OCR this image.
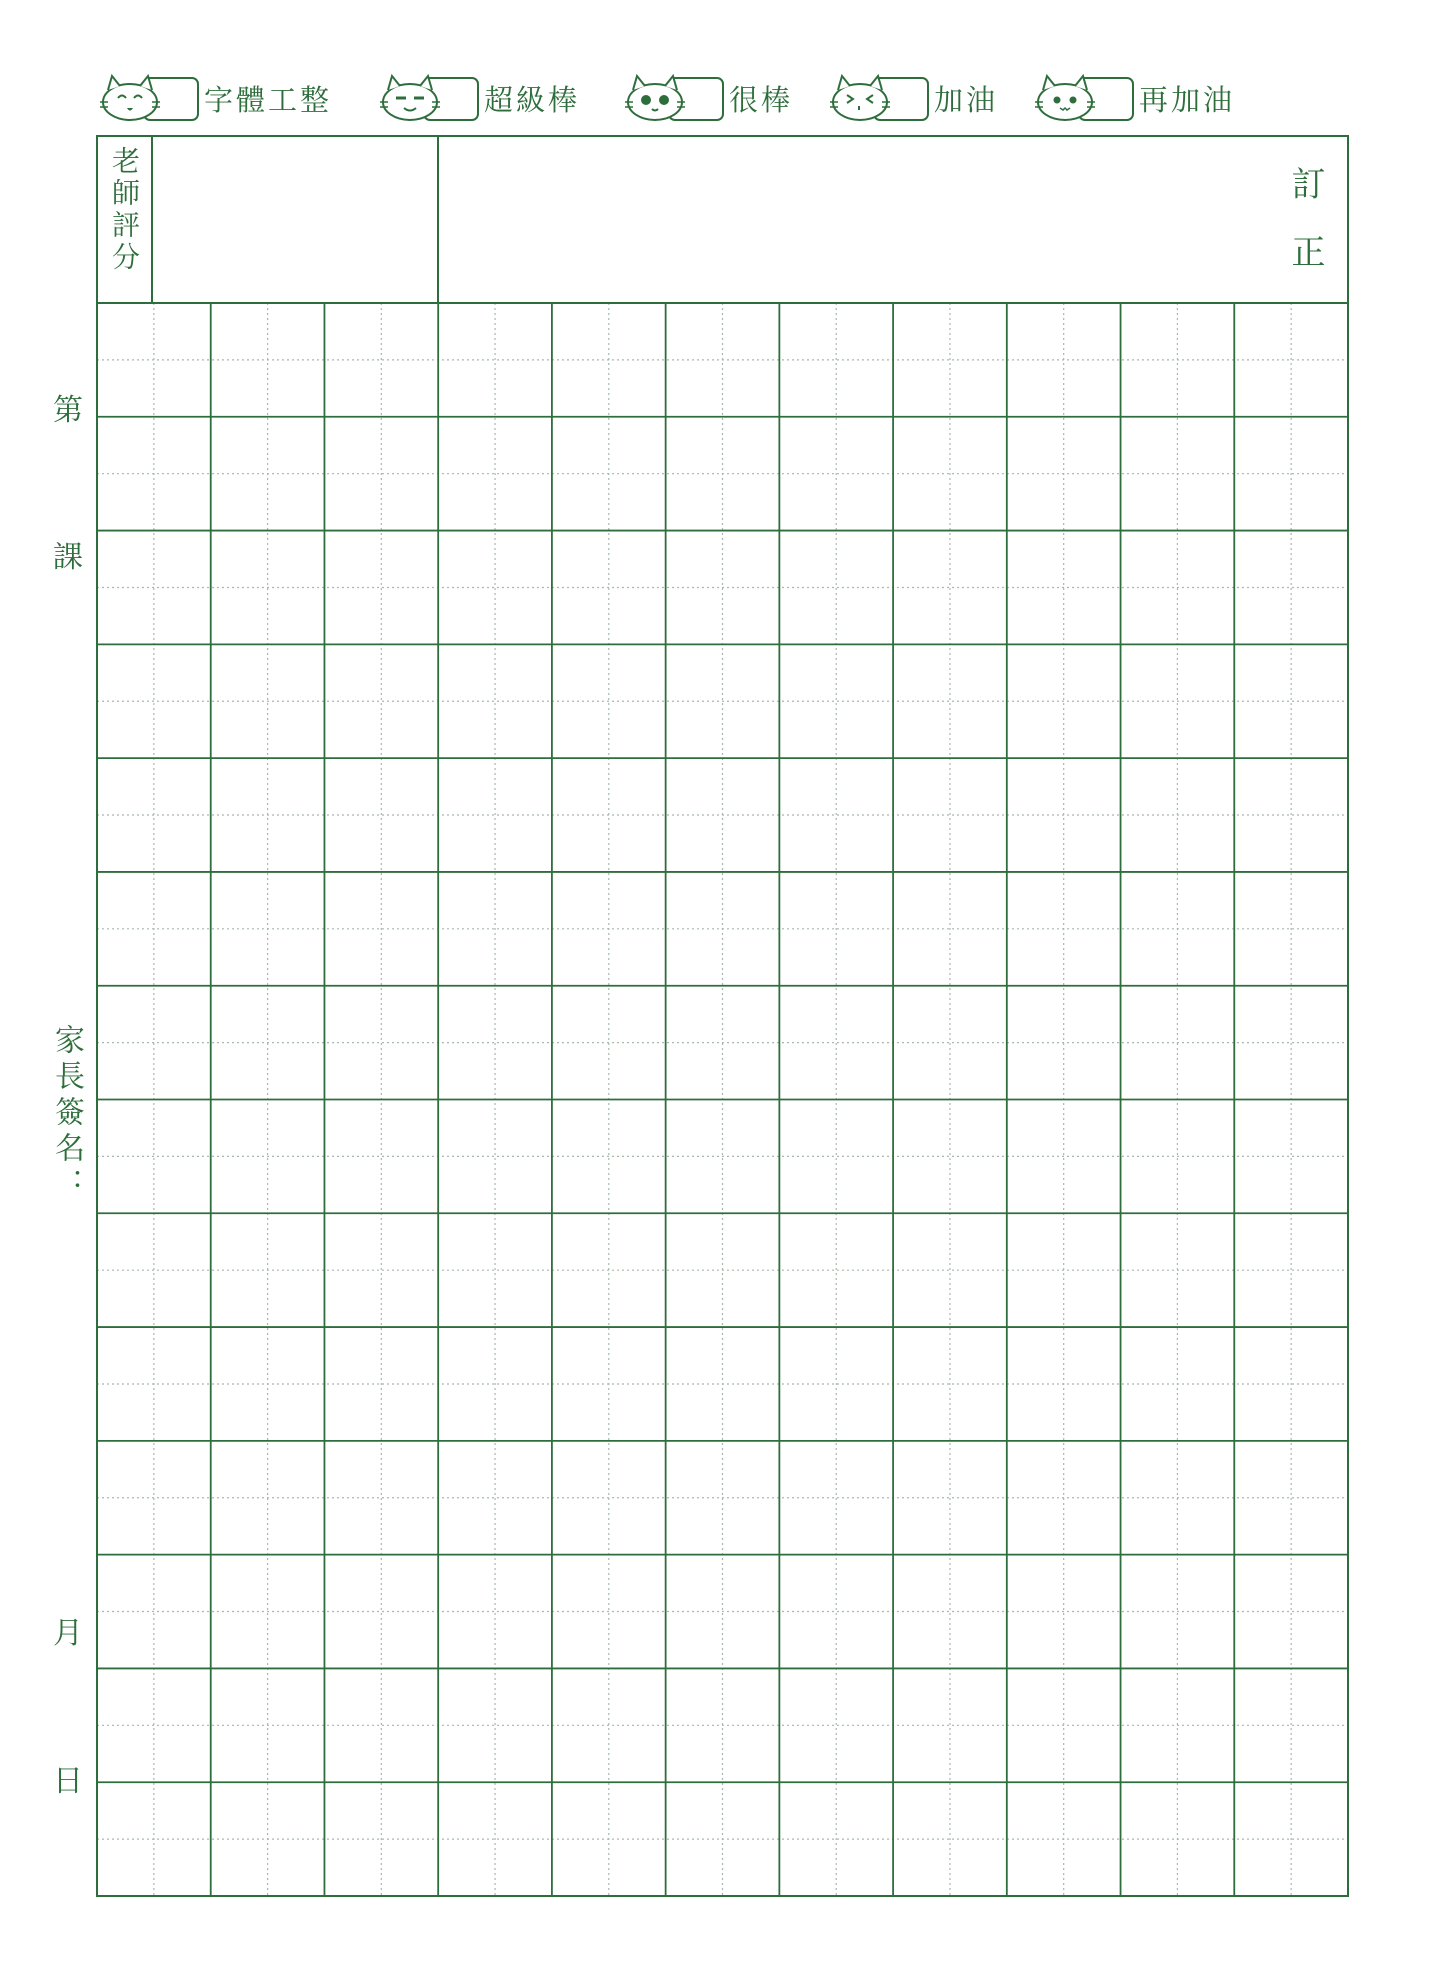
字體工整	超級棒	很棒	加油	再加油
老師評分	訂正
第
課
家長簽名：
月
日
